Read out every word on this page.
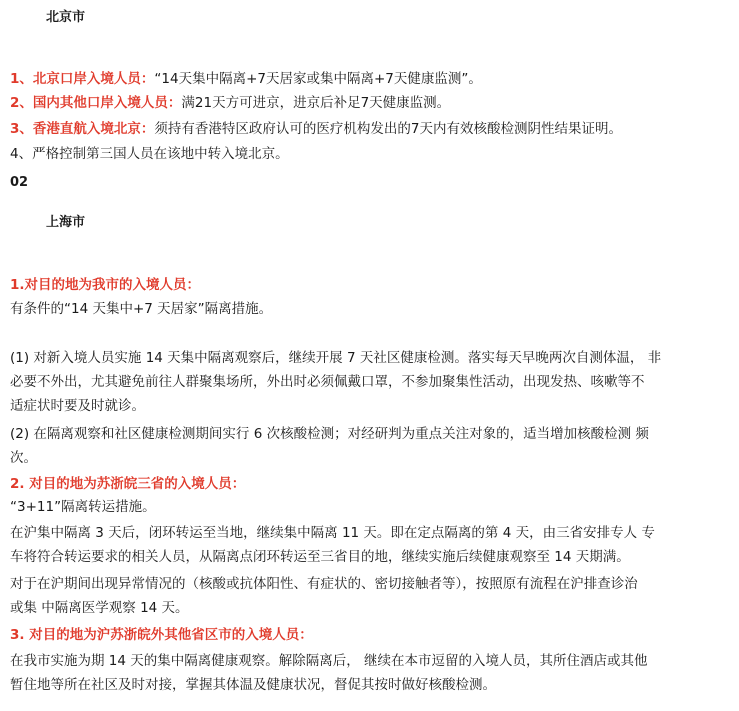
北京市
1、北京口岸入境人员：“14天集中隔离+7天居家或集中隔离+7天健康监测”。
2、国内其他口岸入境人员：满21天方可进京，进京后补足7天健康监测。
3、香港直航入境北京：须持有香港特区政府认可的医疗机构发出的7天内有效核酸检测阴性结果证明。
4、严格控制第三国人员在该地中转入境北京。
02
上海市
1.对目的地为我市的入境人员：
有条件的“14 天集中+7 天居家”隔离措施。
(1) 对新入境人员实施 14 天集中隔离观察后，继续开展 7 天社区健康检测。落实每天早晚两次自测体温， 非
必要不外出，尤其避免前往人群聚集场所，外出时必须佩戴口罩，不参加聚集性活动，出现发热、咳嗽等不
适症状时要及时就诊。
(2) 在隔离观察和社区健康检测期间实行 6 次核酸检测；对经研判为重点关注对象的，适当增加核酸检测 频
次。
2. 对目的地为苏浙皖三省的入境人员：
“3+11”隔离转运措施。
在沪集中隔离 3 天后，闭环转运至当地，继续集中隔离 11 天。即在定点隔离的第 4 天，由三省安排专人 专
车将符合转运要求的相关人员，从隔离点闭环转运至三省目的地，继续实施后续健康观察至 14 天期满。
对于在沪期间出现异常情况的（核酸或抗体阳性、有症状的、密切接触者等），按照原有流程在沪排查诊治
或集 中隔离医学观察 14 天。
3. 对目的地为沪苏浙皖外其他省区市的入境人员：
在我市实施为期 14 天的集中隔离健康观察。解除隔离后， 继续在本市逗留的入境人员，其所住酒店或其他
暂住地等所在社区及时对接，掌握其体温及健康状况，督促其按时做好核酸检测。
